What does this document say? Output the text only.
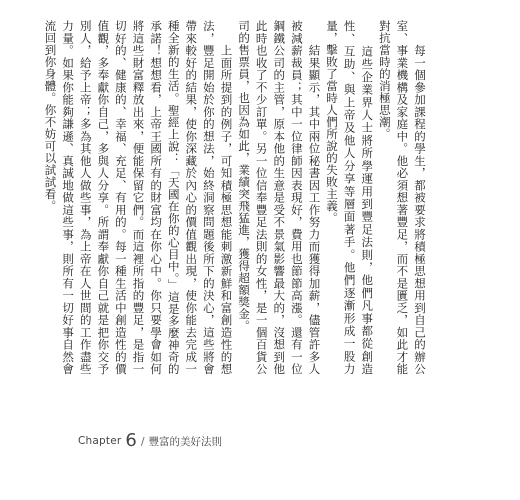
　　每一個參加課程的學生，都被要求將積極思想用到自己的辦公室、事業機構及家庭中。他必須想著豐足，而不是匱乏，如此才能對抗當時的消極思潮。

　　這些企業界人士將所學運用到豐足法則，他們凡事都從創造性、互助、與上帝及他人分享等層面著手。他們逐漸形成一股力量，擊敗了當時人們所說的失敗主義。

　　結果顯示，其中兩位秘書因工作努力而獲得加薪，儘管許多人被減薪裁員；其中一位律師因表現好，費用也節節高漲。還有一位鋼鐵公司的主管，原本他的生意是受不景氣影響最大的，沒想到他此時也收了不少訂單。另一位信奉豐足法則的女性，是一個百貨公司的售票員，也因為如此，業績突飛猛進，獲得超額獎金。

　　上面所提到的例子，可知積極思想能刺激新鮮和富創造性的想法，豐足開始於你的想法，始終洞察問題後所下的決心，這些將會帶來較好的結果，使你深藏於內心的價值觀出現，使你能去完成一種全新的生活。聖經上說：「天國在你的心目中。」這是多麼神奇的承諾！想想看，上帝王國所有的財富均在你心中。你只要學會如何將這些財富釋放出來，便能保留它們。而這裡所指的豐足，是指一切好的、健康的、幸福、充足、有用的。每一種生活中創造性的價值觀，多奉獻你自己，多與人分享。所謂奉獻你自己就是把你交予別人，給予上帝；多為其他人做些事，為上帝在人世間的工作盡些力量。如果你能夠謙遜、真誠地做這些事，則所有一切好事自然會流回到你身體。你不妨可以試試看。

Chapter 6 / 豐富的美好法則
